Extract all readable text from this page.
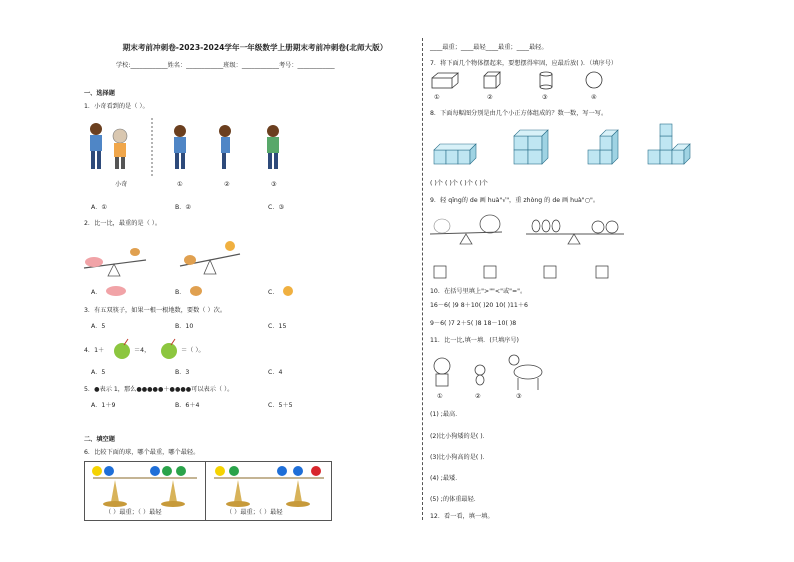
期末考前冲刺卷-2023-2024学年一年级数学上册期末考前冲刺卷(北师大版）
学校:____________姓名：____________班级：____________考号：____________
一、选择题
1．小奇看到的是（ ）。
小奇	①	②	③
A．①	B．②	C．③
2．比一比，最重的是（ ）。
A．	B．	C．
3．有五双筷子，如果一根一根地数，要数（ ）次。
A．5	B．10	C．15
4．1＋	＝4，	＝（ ）。
A．5	B．3	C．4
5．●表示 1，那么●●●●●＋●●●●可以表示（ ）。
A．1＋9	B．6＋4	C．5＋5
二、填空题
6．比较下面的球，哪个最重，哪个最轻。
（ ）最重；（ ）最轻	（ ）最重；（ ）最轻
____最重；____最轻____最重；____最轻。
7．将下面几个物体摆起来，要想摆得牢固，应最后放( )．（填序号）
①	②	③	④
8．下面每幅图分别是由几个小正方体组成的？数一数，写一写。
( )个 ( )个 ( )个 ( )个
9．轻 qīng的 de 画 huà"√"，重 zhòng 的 de 画 huà"○"。
10．在括号里填上">""<"或"="。
16－6( )9 8＋10( )20 10( )11＋6
9－6( )7 2＋5( )8 18－10( )8
11．比一比,填一填．(只填序号)
①	②	③
(1) ;最高．
(2)比小狗矮的是( )．
(3)比小狗高的是( )．
(4) ;最矮．
(5) ;的体重最轻．
12．看一看，填一填。
